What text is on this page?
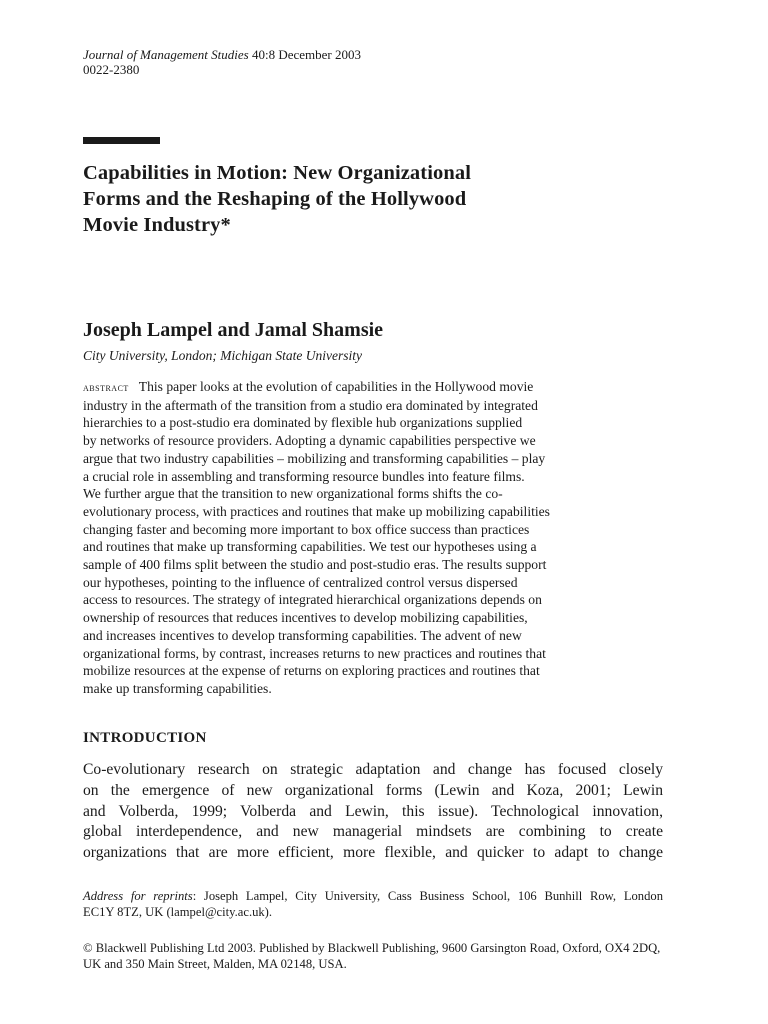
Journal of Management Studies 40:8 December 2003
0022-2380
Capabilities in Motion: New Organizational
Forms and the Reshaping of the Hollywood
Movie Industry*
Joseph Lampel and Jamal Shamsie
City University, London; Michigan State University
abstract This paper looks at the evolution of capabilities in the Hollywood movie
industry in the aftermath of the transition from a studio era dominated by integrated
hierarchies to a post-studio era dominated by flexible hub organizations supplied
by networks of resource providers. Adopting a dynamic capabilities perspective we
argue that two industry capabilities – mobilizing and transforming capabilities – play
a crucial role in assembling and transforming resource bundles into feature films.
We further argue that the transition to new organizational forms shifts the co-
evolutionary process, with practices and routines that make up mobilizing capabilities
changing faster and becoming more important to box office success than practices
and routines that make up transforming capabilities. We test our hypotheses using a
sample of 400 films split between the studio and post-studio eras. The results support
our hypotheses, pointing to the influence of centralized control versus dispersed
access to resources. The strategy of integrated hierarchical organizations depends on
ownership of resources that reduces incentives to develop mobilizing capabilities,
and increases incentives to develop transforming capabilities. The advent of new
organizational forms, by contrast, increases returns to new practices and routines that
mobilize resources at the expense of returns on exploring practices and routines that
make up transforming capabilities.
INTRODUCTION
Co-evolutionary research on strategic adaptation and change has focused closely
on the emergence of new organizational forms (Lewin and Koza, 2001; Lewin
and Volberda, 1999; Volberda and Lewin, this issue). Technological innovation,
global interdependence, and new managerial mindsets are combining to create
organizations that are more efficient, more flexible, and quicker to adapt to change
Address for reprints: Joseph Lampel, City University, Cass Business School, 106 Bunhill Row, London
EC1Y 8TZ, UK (lampel@city.ac.uk).
© Blackwell Publishing Ltd 2003. Published by Blackwell Publishing, 9600 Garsington Road, Oxford, OX4 2DQ,
UK and 350 Main Street, Malden, MA 02148, USA.
